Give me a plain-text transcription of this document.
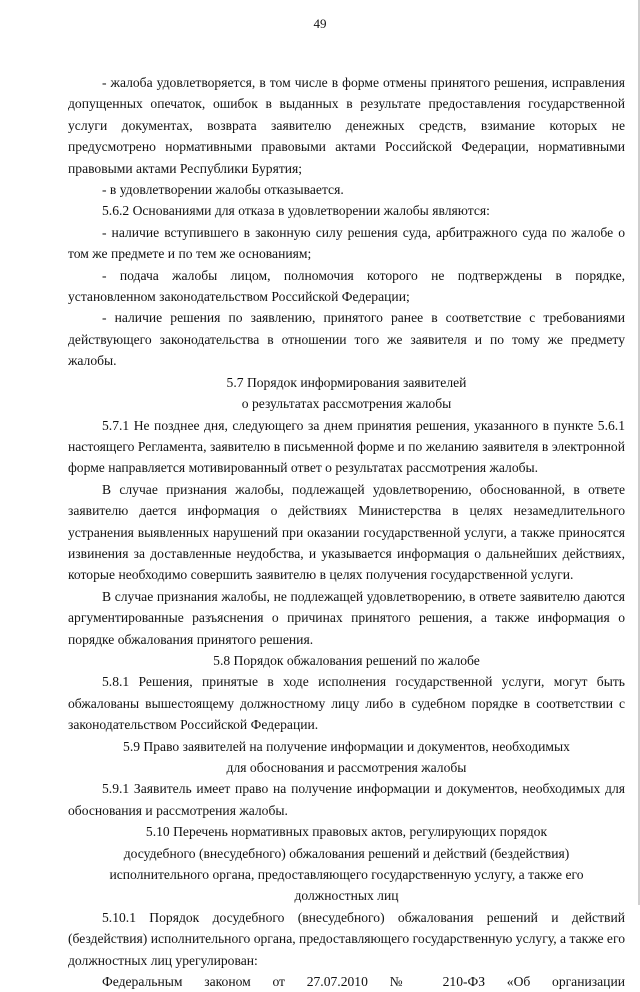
49

- жалоба удовлетворяется, в том числе в форме отмены принятого решения, исправления допущенных опечаток, ошибок в выданных в результате предоставления государственной услуги документах, возврата заявителю денежных средств, взимание которых не предусмотрено нормативными правовыми актами Российской Федерации, нормативными правовыми актами Республики Бурятия;

- в удовлетворении жалобы отказывается.

5.6.2 Основаниями для отказа в удовлетворении жалобы являются:

- наличие вступившего в законную силу решения суда, арбитражного суда по жалобе о том же предмете и по тем же основаниям;

- подача жалобы лицом, полномочия которого не подтверждены в порядке, установленном законодательством Российской Федерации;

- наличие решения по заявлению, принятого ранее в соответствие с требованиями действующего законодательства в отношении того же заявителя и по тому же предмету жалобы.

5.7 Порядок информирования заявителей

о результатах рассмотрения жалобы

5.7.1 Не позднее дня, следующего за днем принятия решения, указанного в пункте 5.6.1 настоящего Регламента, заявителю в письменной форме и по желанию заявителя в электронной форме направляется мотивированный ответ о результатах рассмотрения жалобы.

В случае признания жалобы, подлежащей удовлетворению, обоснованной, в ответе заявителю дается информация о действиях Министерства в целях незамедлительного устранения выявленных нарушений при оказании государственной услуги, а также приносятся извинения за доставленные неудобства, и указывается информация о дальнейших действиях, которые необходимо совершить заявителю в целях получения государственной услуги.

В случае признания жалобы, не подлежащей удовлетворению, в ответе заявителю даются аргументированные разъяснения о причинах принятого решения, а также информация о порядке обжалования принятого решения.

5.8 Порядок обжалования решений по жалобе

5.8.1 Решения, принятые в ходе исполнения государственной услуги, могут быть обжалованы вышестоящему должностному лицу либо в судебном порядке в соответствии с законодательством Российской Федерации.

5.9 Право заявителей на получение информации и документов, необходимых

для обоснования и рассмотрения жалобы

5.9.1 Заявитель имеет право на получение информации и документов, необходимых для обоснования и рассмотрения жалобы.

5.10 Перечень нормативных правовых актов, регулирующих порядок

досудебного (внесудебного) обжалования решений и действий (бездействия)

исполнительного органа, предоставляющего государственную услугу, а также его

должностных лиц

5.10.1 Порядок досудебного (внесудебного) обжалования решений и действий (бездействия) исполнительного органа, предоставляющего государственную услугу, а также его должностных лиц урегулирован:

Федеральным законом от 27.07.2010 № 210-ФЗ «Об организации
